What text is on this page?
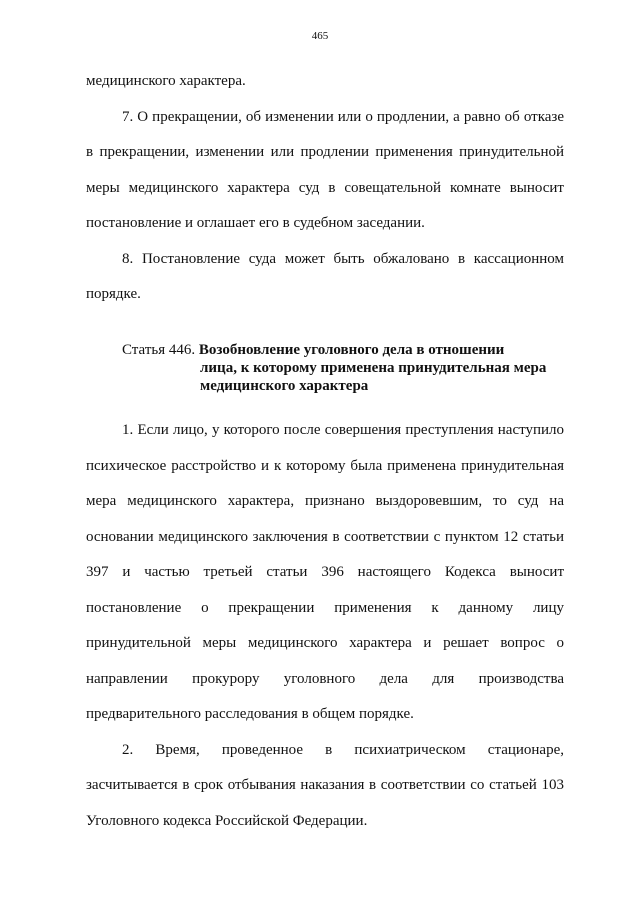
465

медицинского характера.

7. О прекращении, об изменении или о продлении, а равно об отказе в прекращении, изменении или продлении применения принудительной меры медицинского характера суд в совещательной комнате выносит постановление и оглашает его в судебном заседании.

8. Постановление суда может быть обжаловано в кассационном порядке.

Статья 446. Возобновление уголовного дела в отношении
лица, к которому применена принудительная мера
медицинского характера

1. Если лицо, у которого после совершения преступления наступило психическое расстройство и к которому была применена принудительная мера медицинского характера, признано выздоровевшим, то суд на основании медицинского заключения в соответствии с пунктом 12 статьи 397 и частью третьей статьи 396 настоящего Кодекса выносит постановление о прекращении применения к данному лицу принудительной меры медицинского характера и решает вопрос о направлении прокурору уголовного дела для производства предварительного расследования в общем порядке.

2. Время, проведенное в психиатрическом стационаре, засчитывается в срок отбывания наказания в соответствии со статьей 103 Уголовного кодекса Российской Федерации.
